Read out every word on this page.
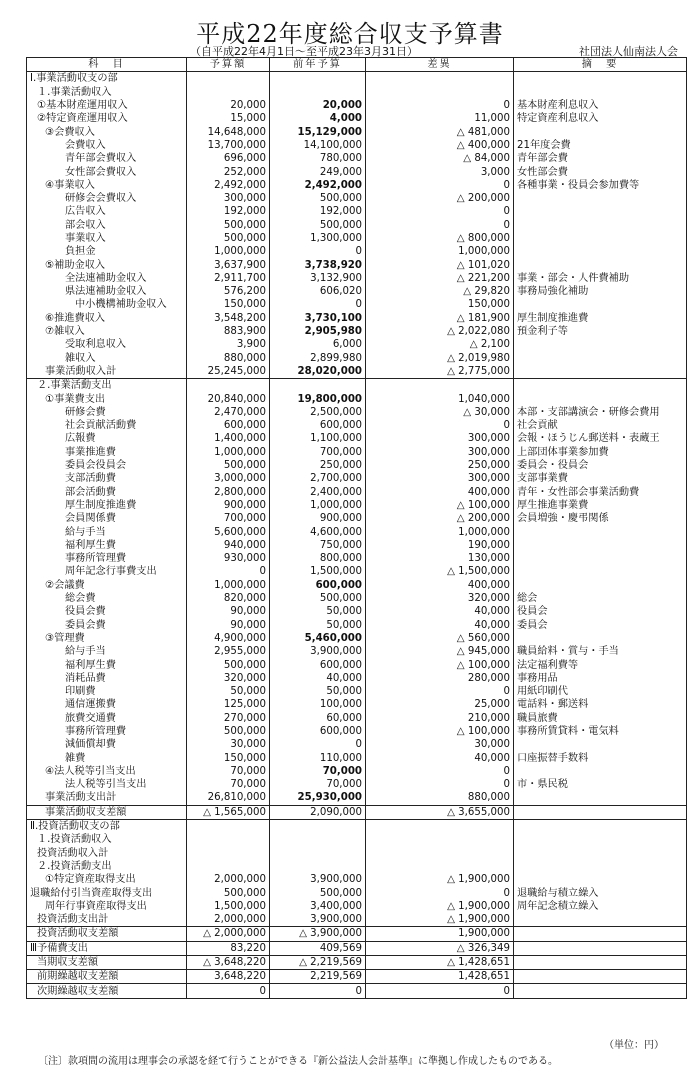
平成22年度総合収支予算書
（自平成22年4月1日～至平成23年3月31日）	社団法人仙南法人会
科　目	予算額	前年予算	差異	摘　要
Ⅰ.事業活動収支の部				
１.事業活動収入				
①基本財産運用収入	20,000	20,000	0	基本財産利息収入
②特定資産運用収入	15,000	4,000	11,000	特定資産利息収入
③会費収入	14,648,000	15,129,000	△ 481,000	
会費収入	13,700,000	14,100,000	△ 400,000	21年度会費
青年部会費収入	696,000	780,000	△ 84,000	青年部会費
女性部会費収入	252,000	249,000	3,000	女性部会費
④事業収入	2,492,000	2,492,000	0	各種事業・役員会参加費等
研修会会費収入	300,000	500,000	△ 200,000	
広告収入	192,000	192,000	0	
部会収入	500,000	500,000	0	
事業収入	500,000	1,300,000	△ 800,000	
負担金	1,000,000	0	1,000,000	
⑤補助金収入	3,637,900	3,738,920	△ 101,020	
全法連補助金収入	2,911,700	3,132,900	△ 221,200	事業・部会・人件費補助
県法連補助金収入	576,200	606,020	△ 29,820	事務局強化補助
中小機構補助金収入	150,000	0	150,000	
⑥推進費収入	3,548,200	3,730,100	△ 181,900	厚生制度推進費
⑦雑収入	883,900	2,905,980	△ 2,022,080	預金利子等
受取利息収入	3,900	6,000	△ 2,100	
雑収入	880,000	2,899,980	△ 2,019,980	
事業活動収入計	25,245,000	28,020,000	△ 2,775,000	
２.事業活動支出				
①事業費支出	20,840,000	19,800,000	1,040,000	
研修会費	2,470,000	2,500,000	△ 30,000	本部・支部講演会・研修会費用
社会貢献活動費	600,000	600,000	0	社会貢献
広報費	1,400,000	1,100,000	300,000	会報・ほうじん郵送料・表蔵王
事業推進費	1,000,000	700,000	300,000	上部団体事業参加費
委員会役員会	500,000	250,000	250,000	委員会・役員会
支部活動費	3,000,000	2,700,000	300,000	支部事業費
部会活動費	2,800,000	2,400,000	400,000	青年・女性部会事業活動費
厚生制度推進費	900,000	1,000,000	△ 100,000	厚生推進事業費
会員関係費	700,000	900,000	△ 200,000	会員増強・慶弔関係
給与手当	5,600,000	4,600,000	1,000,000	
福利厚生費	940,000	750,000	190,000	
事務所管理費	930,000	800,000	130,000	
周年記念行事費支出	0	1,500,000	△ 1,500,000	
②会議費	1,000,000	600,000	400,000	
総会費	820,000	500,000	320,000	総会
役員会費	90,000	50,000	40,000	役員会
委員会費	90,000	50,000	40,000	委員会
③管理費	4,900,000	5,460,000	△ 560,000	
給与手当	2,955,000	3,900,000	△ 945,000	職員給料・賞与・手当
福利厚生費	500,000	600,000	△ 100,000	法定福利費等
消耗品費	320,000	40,000	280,000	事務用品
印刷費	50,000	50,000	0	用紙印刷代
通信運搬費	125,000	100,000	25,000	電話料・郵送料
旅費交通費	270,000	60,000	210,000	職員旅費
事務所管理費	500,000	600,000	△ 100,000	事務所賃貸料・電気料
減価償却費	30,000	0	30,000	
雑費	150,000	110,000	40,000	口座振替手数料
④法人税等引当支出	70,000	70,000	0	
法人税等引当支出	70,000	70,000	0	市・県民税
事業活動支出計	26,810,000	25,930,000	880,000	
事業活動収支差額	△ 1,565,000	2,090,000	△ 3,655,000	
Ⅱ.投資活動収支の部				
１.投資活動収入				
投資活動収入計				
２.投資活動支出				
①特定資産取得支出	2,000,000	3,900,000	△ 1,900,000	
退職給付引当資産取得支出	500,000	500,000	0	退職給与積立繰入
周年行事資産取得支出	1,500,000	3,400,000	△ 1,900,000	周年記念積立繰入
投資活動支出計	2,000,000	3,900,000	△ 1,900,000	
投資活動収支差額	△ 2,000,000	△ 3,900,000	1,900,000	
Ⅲ予備費支出	83,220	409,569	△ 326,349	
当期収支差額	△ 3,648,220	△ 2,219,569	△ 1,428,651	
前期繰越収支差額	3,648,220	2,219,569	1,428,651	
次期繰越収支差額	0	0	0	
（単位：円）
〔注〕款項間の流用は理事会の承認を経て行うことができる『新公益法人会計基準』に準拠し作成したものである。
